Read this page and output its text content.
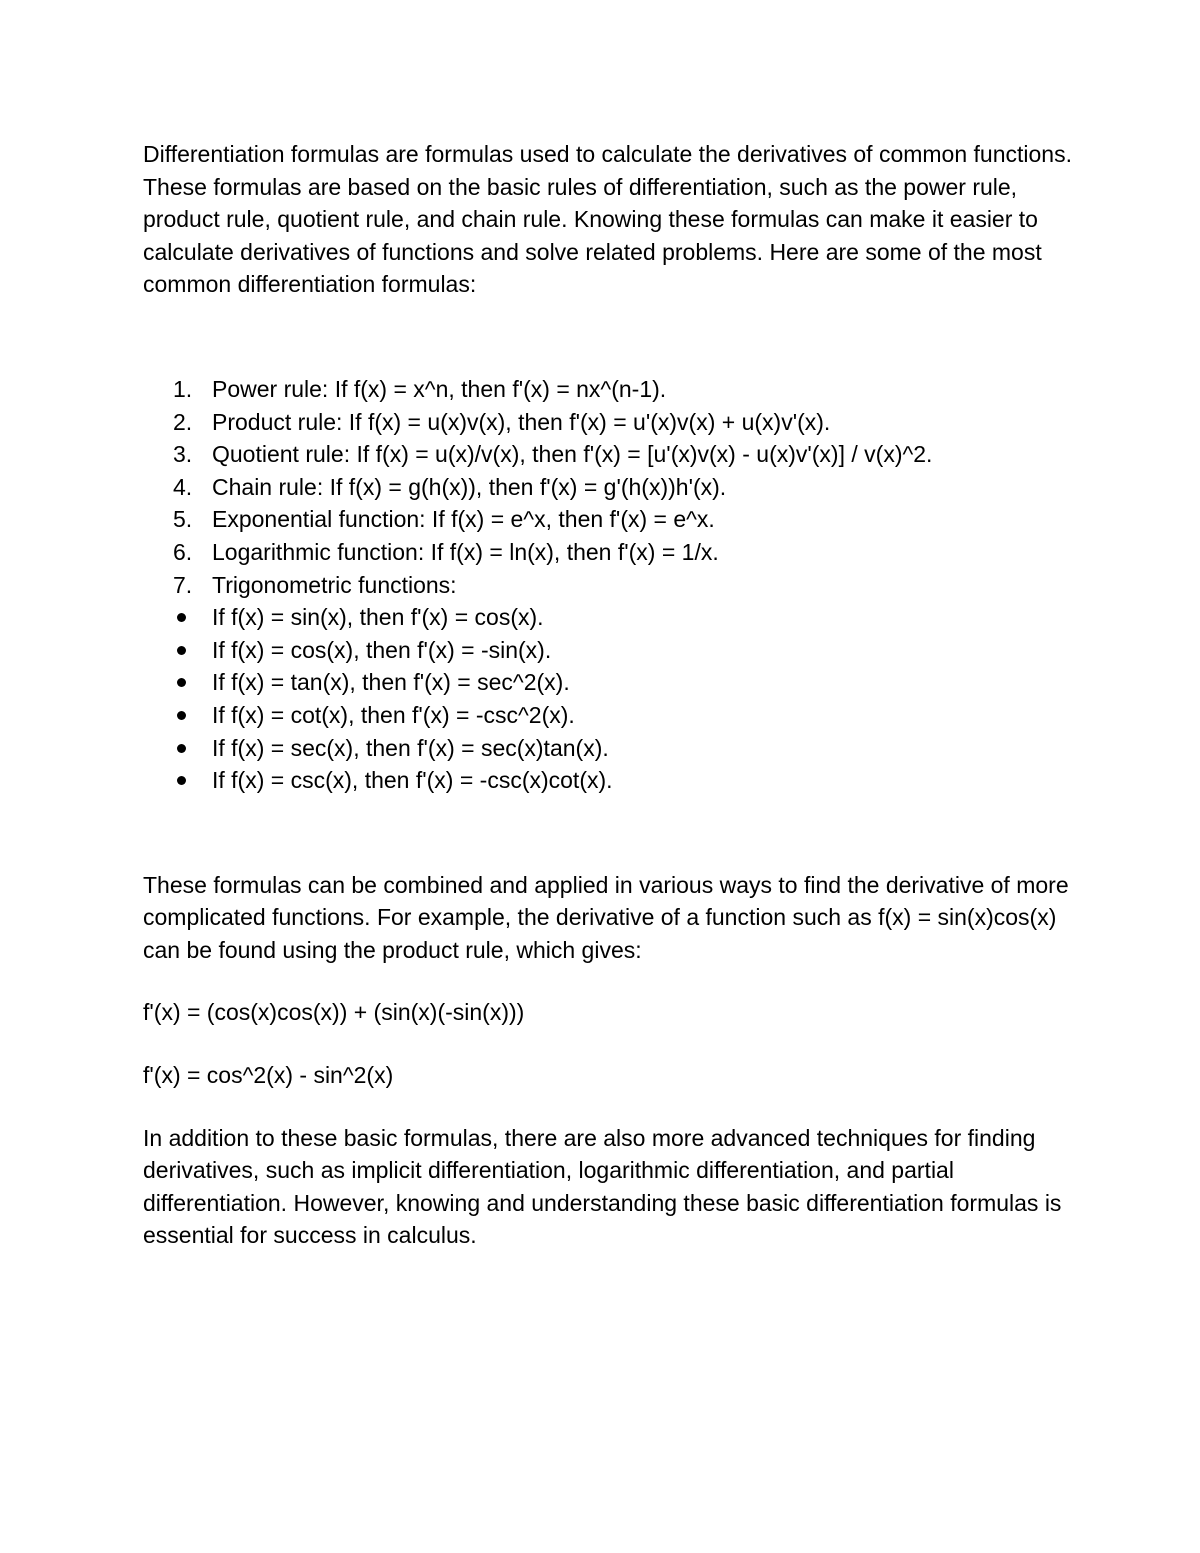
Differentiation formulas are formulas used to calculate the derivatives of common functions. These formulas are based on the basic rules of differentiation, such as the power rule, product rule, quotient rule, and chain rule. Knowing these formulas can make it easier to calculate derivatives of functions and solve related problems. Here are some of the most common differentiation formulas:

1. Power rule: If f(x) = x^n, then f'(x) = nx^(n-1).
2. Product rule: If f(x) = u(x)v(x), then f'(x) = u'(x)v(x) + u(x)v'(x).
3. Quotient rule: If f(x) = u(x)/v(x), then f'(x) = [u'(x)v(x) - u(x)v'(x)] / v(x)^2.
4. Chain rule: If f(x) = g(h(x)), then f'(x) = g'(h(x))h'(x).
5. Exponential function: If f(x) = e^x, then f'(x) = e^x.
6. Logarithmic function: If f(x) = ln(x), then f'(x) = 1/x.
7. Trigonometric functions:
If f(x) = sin(x), then f'(x) = cos(x).
If f(x) = cos(x), then f'(x) = -sin(x).
If f(x) = tan(x), then f'(x) = sec^2(x).
If f(x) = cot(x), then f'(x) = -csc^2(x).
If f(x) = sec(x), then f'(x) = sec(x)tan(x).
If f(x) = csc(x), then f'(x) = -csc(x)cot(x).

These formulas can be combined and applied in various ways to find the derivative of more complicated functions. For example, the derivative of a function such as f(x) = sin(x)cos(x) can be found using the product rule, which gives:

f'(x) = (cos(x)cos(x)) + (sin(x)(-sin(x)))

f'(x) = cos^2(x) - sin^2(x)

In addition to these basic formulas, there are also more advanced techniques for finding derivatives, such as implicit differentiation, logarithmic differentiation, and partial differentiation. However, knowing and understanding these basic differentiation formulas is essential for success in calculus.
